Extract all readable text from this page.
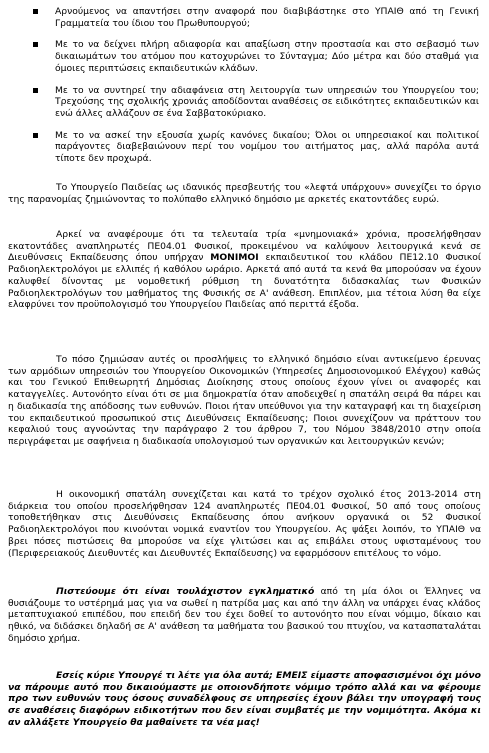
Αρνούμενος να απαντήσει στην αναφορά που διαβιβάστηκε στο ΥΠΑΙΘ από τη Γενική Γραμματεία του ίδιου του Πρωθυπουργού;
Με το να δείχνει πλήρη αδιαφορία και απαξίωση στην προστασία και στο σεβασμό των δικαιωμάτων του ατόμου που κατοχυρώνει το Σύνταγμα; Δύο μέτρα και δύο σταθμά για όμοιες περιπτώσεις εκπαιδευτικών κλάδων.
Με το να συντηρεί την αδιαφάνεια στη λειτουργία των υπηρεσιών του Υπουργείου του; Τρεχούσης της σχολικής χρονιάς αποδίδονται αναθέσεις σε ειδικότητες εκπαιδευτικών και ενώ άλλες αλλάζουν σε ένα Σαββατοκύριακο.
Με το να ασκεί την εξουσία χωρίς κανόνες δικαίου; Όλοι οι υπηρεσιακοί και πολιτικοί παράγοντες διαβεβαιώνουν περί του νομίμου του αιτήματος μας, αλλά παρόλα αυτά τίποτε δεν προχωρά.

Το Υπουργείο Παιδείας ως ιδανικός πρεσβευτής του «λεφτά υπάρχουν» συνεχίζει το όργιο της παρανομίας ζημιώνοντας το πολύπαθο ελληνικό δημόσιο με αρκετές εκατοντάδες ευρώ.

Αρκεί να αναφέρουμε ότι τα τελευταία τρία «μνημονιακά» χρόνια, προσελήφθησαν εκατοντάδες αναπληρωτές ΠΕ04.01 Φυσικοί, προκειμένου να καλύψουν λειτουργικά κενά σε Διευθύνσεις Εκπαίδευσης όπου υπήρχαν ΜΟΝΙΜΟΙ εκπαιδευτικοί του κλάδου ΠΕ12.10 Φυσικοί Ραδιοηλεκτρολόγοι με ελλιπές ή καθόλου ωράριο. Αρκετά από αυτά τα κενά θα μπορούσαν να έχουν καλυφθεί δίνοντας με νομοθετική ρύθμιση τη δυνατότητα διδασκαλίας των Φυσικών Ραδιοηλεκτρολόγων του μαθήματος της Φυσικής σε Α' ανάθεση. Επιπλέον, μια τέτοια λύση θα είχε ελαφρύνει τον προϋπολογισμό του Υπουργείου Παιδείας από περιττά έξοδα.

Το πόσο ζημιώσαν αυτές οι προσλήψεις το ελληνικό δημόσιο είναι αντικείμενο έρευνας των αρμόδιων υπηρεσιών του Υπουργείου Οικονομικών (Υπηρεσίες Δημοσιονομικού Ελέγχου) καθώς και του Γενικού Επιθεωρητή Δημόσιας Διοίκησης στους οποίους έχουν γίνει οι αναφορές και καταγγελίες. Αυτονόητο είναι ότι σε μια δημοκρατία όταν αποδειχθεί η σπατάλη σειρά θα πάρει και η διαδικασία της απόδοσης των ευθυνών. Ποιοι ήταν υπεύθυνοι για την καταγραφή και τη διαχείριση του εκπαιδευτικού προσωπικού στις Διευθύνσεις Εκπαίδευσης; Ποιοι συνεχίζουν να πράττουν του κεφαλιού τους αγνοώντας την παράγραφο 2 του άρθρου 7, του Νόμου 3848/2010 στην οποία περιγράφεται με σαφήνεια η διαδικασία υπολογισμού των οργανικών και λειτουργικών κενών;

Η οικονομική σπατάλη συνεχίζεται και κατά το τρέχον σχολικό έτος 2013-2014 στη διάρκεια του οποίου προσελήφθησαν 124 αναπληρωτές ΠΕ04.01 Φυσικοί, 50 από τους οποίους τοποθετήθηκαν στις Διευθύνσεις Εκπαίδευσης όπου ανήκουν οργανικά οι 52 Φυσικοί Ραδιοηλεκτρολόγοι που κινούνται νομικά εναντίον του Υπουργείου. Ας ψάξει λοιπόν, το ΥΠΑΙΘ να βρει πόσες πιστώσεις θα μπορούσε να είχε γλιτώσει και ας επιβάλει στους υφισταμένους του (Περιφερειακούς Διευθυντές και Διευθυντές Εκπαίδευσης) να εφαρμόσουν επιτέλους το νόμο.

Πιστεύουμε ότι είναι τουλάχιστον εγκληματικό από τη μία όλοι οι Έλληνες να θυσιάζουμε το υστέρημά μας για να σωθεί η πατρίδα μας και από την άλλη να υπάρχει ένας κλάδος μεταπτυχιακού επιπέδου, που επειδή δεν του έχει δοθεί το αυτονόητο που είναι νόμιμο, δίκαιο και ηθικό, να διδάσκει δηλαδή σε Α' ανάθεση τα μαθήματα του βασικού του πτυχίου, να κατασπαταλάται δημόσιο χρήμα.

Εσείς κύριε Υπουργέ τι λέτε για όλα αυτά; ΕΜΕΙΣ είμαστε αποφασισμένοι όχι μόνο να πάρουμε αυτό που δικαιούμαστε με οποιονδήποτε νόμιμο τρόπο αλλά και να φέρουμε προ των ευθυνών τους όσους συναδέλφους σε υπηρεσίες έχουν βάλει την υπογραφή τους σε αναθέσεις διαφόρων ειδικοτήτων που δεν είναι συμβατές με την νομιμότητα. Ακόμα κι αν αλλάξετε Υπουργείο θα μαθαίνετε τα νέα μας!
